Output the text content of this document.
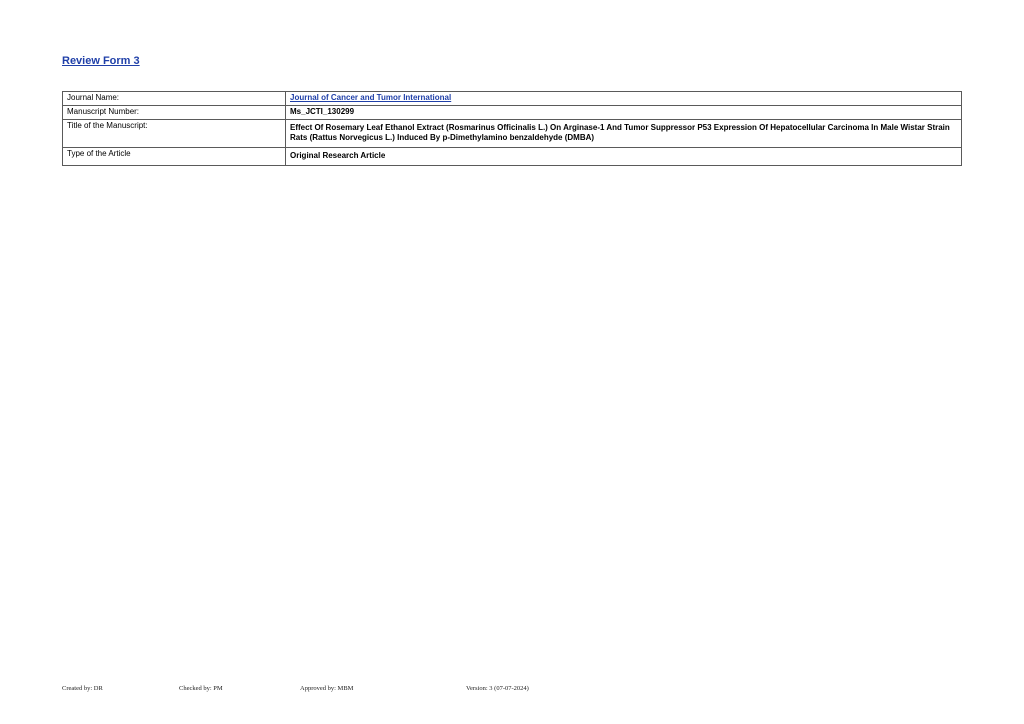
Review Form 3
Journal Name:	Journal of Cancer and Tumor International
Manuscript Number:	Ms_JCTI_130299
Title of the Manuscript:	Effect Of Rosemary Leaf Ethanol Extract (Rosmarinus Officinalis L.) On Arginase-1 And Tumor Suppressor P53 Expression Of Hepatocellular Carcinoma In Male Wistar Strain Rats (Rattus Norvegicus L.) Induced By p-Dimethylamino benzaldehyde (DMBA)
Type of the Article	Original Research Article
Created by: DR	Checked by: PM	Approved by: MBM	Version: 3 (07-07-2024)
